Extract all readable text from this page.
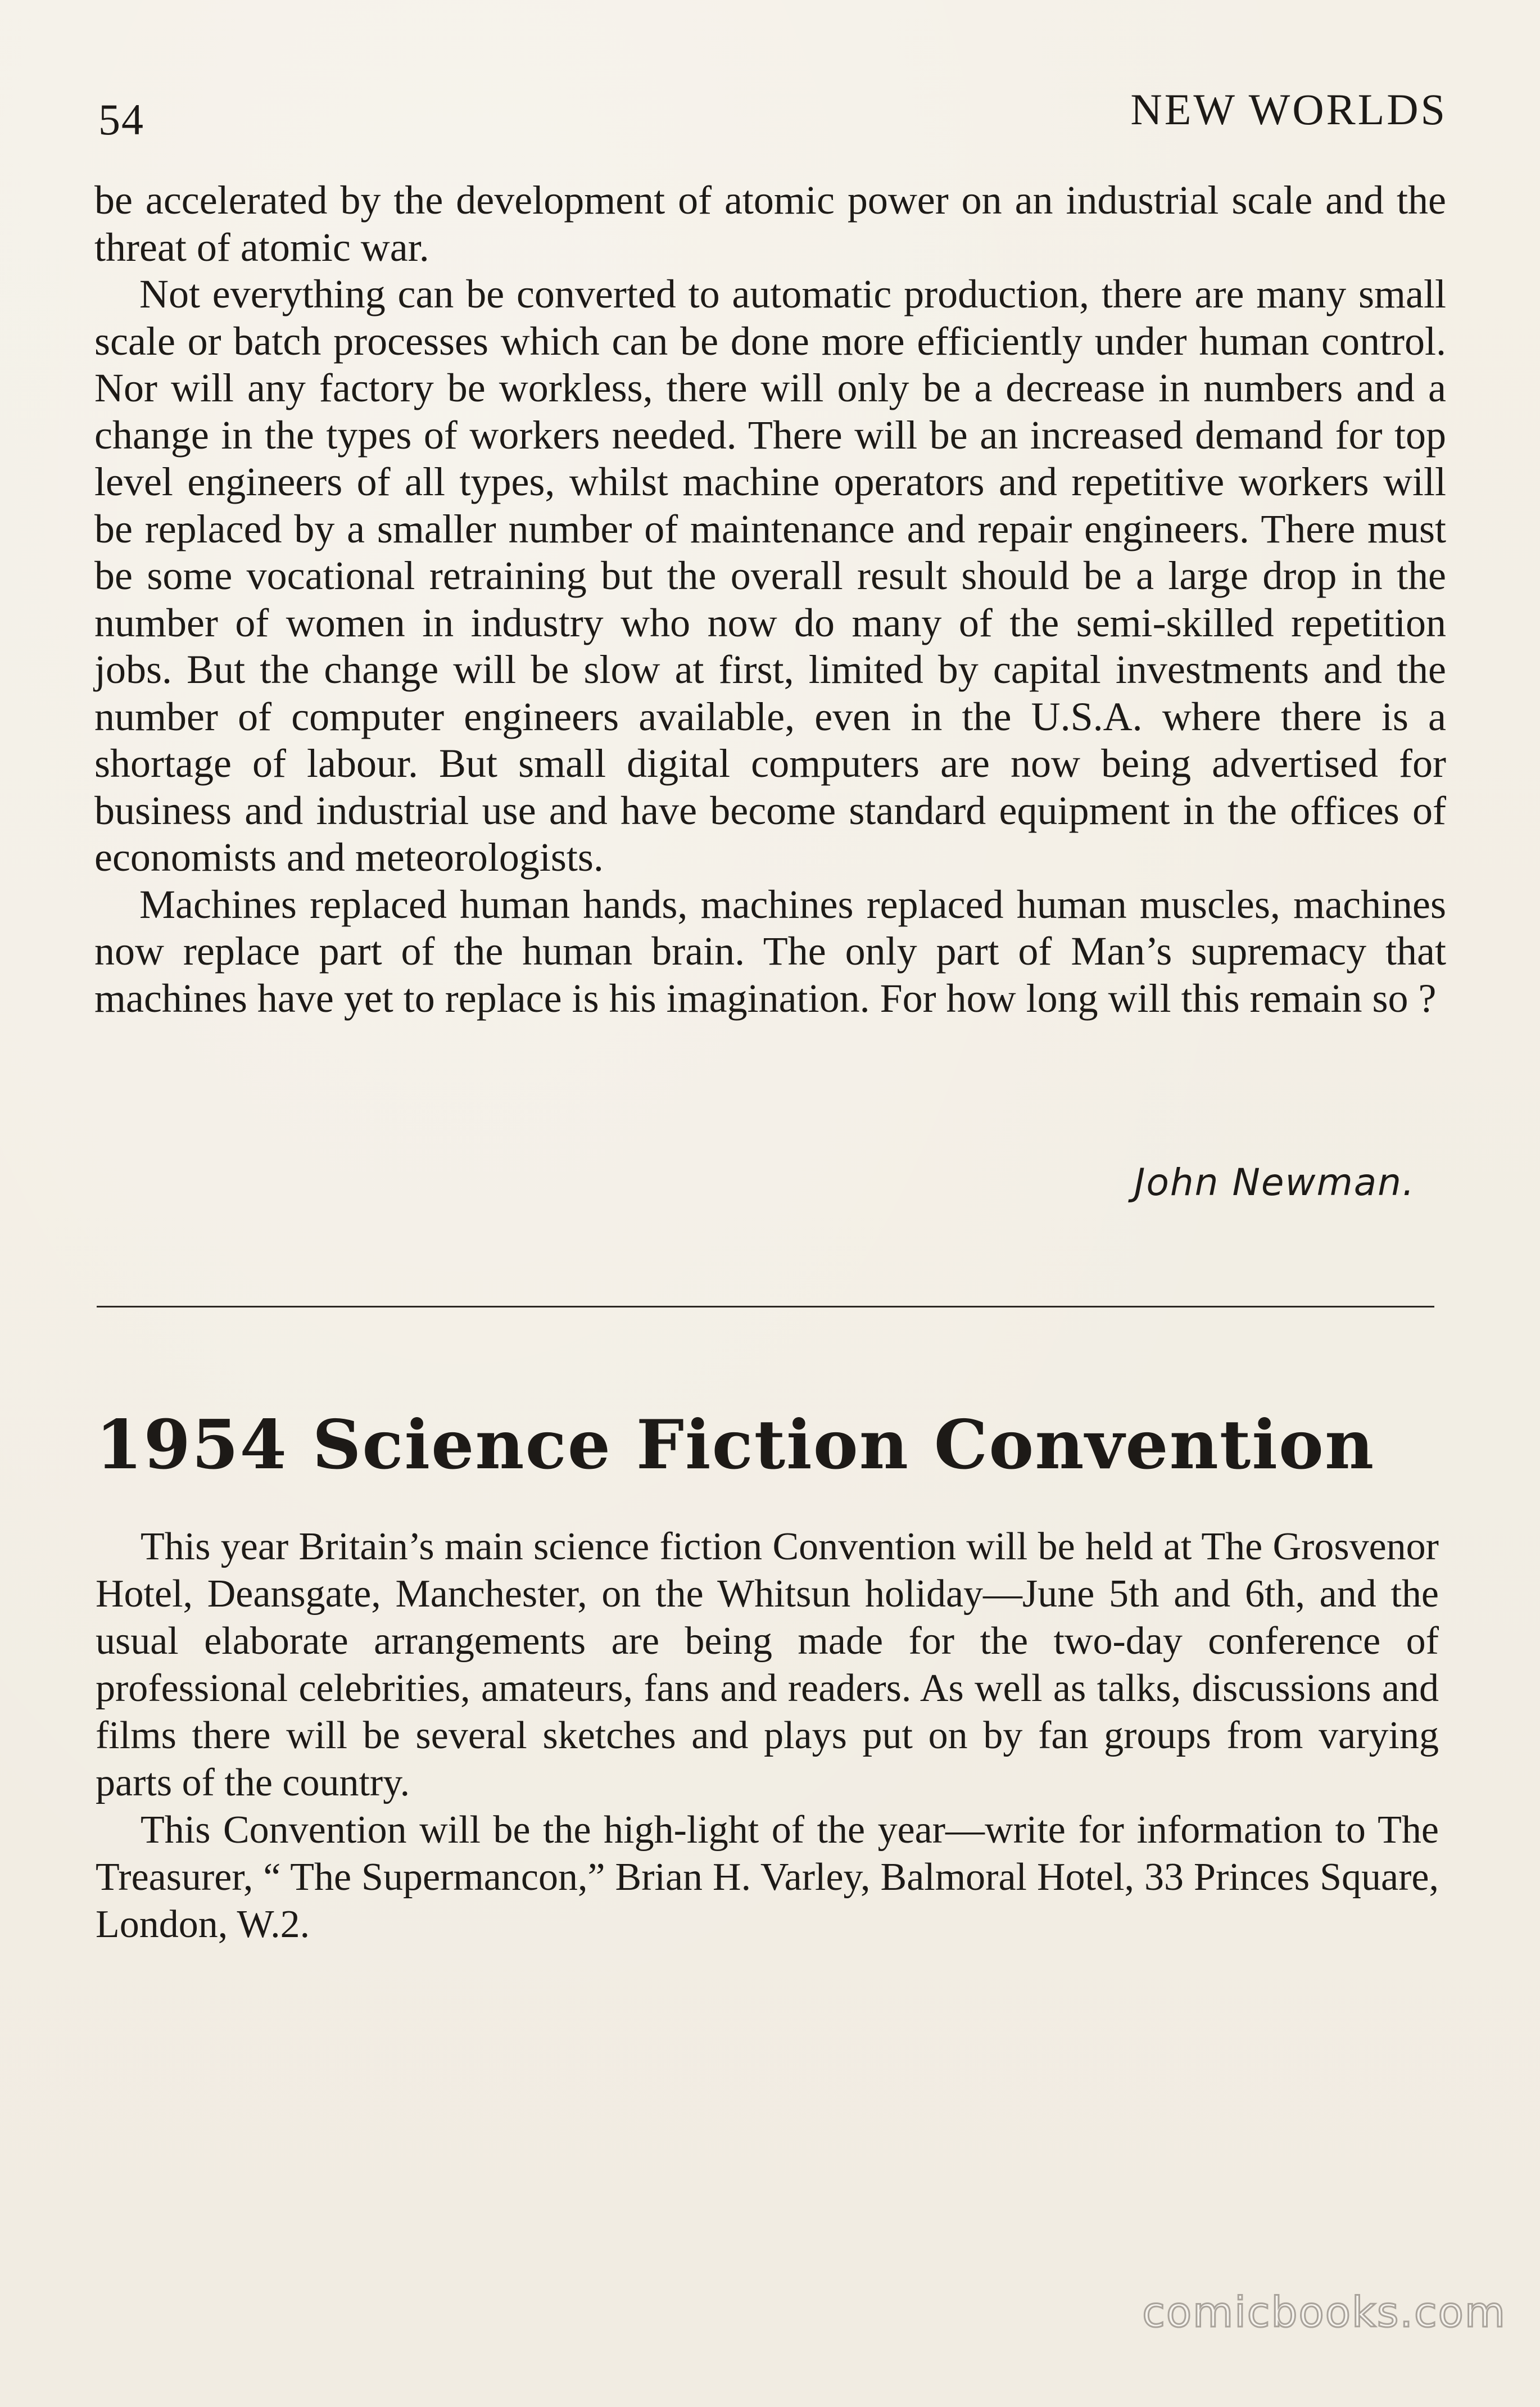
54	NEW WORLDS

be accelerated by the development of atomic power on an industrial scale and the threat of atomic war.

Not everything can be converted to automatic production, there are many small scale or batch processes which can be done more efficiently under human control. Nor will any factory be workless, there will only be a decrease in numbers and a change in the types of workers needed. There will be an increased demand for top level engineers of all types, whilst machine operators and repetitive workers will be replaced by a smaller number of maintenance and repair engineers. There must be some vocational retraining but the overall result should be a large drop in the number of women in industry who now do many of the semi-skilled repetition jobs. But the change will be slow at first, limited by capital investments and the number of computer engineers available, even in the U.S.A. where there is a shortage of labour. But small digital computers are now being advertised for business and industrial use and have become standard equipment in the offices of economists and meteorologists.

Machines replaced human hands, machines replaced human muscles, machines now replace part of the human brain. The only part of Man’s supremacy that machines have yet to replace is his imagination. For how long will this remain so ?

John Newman.
1954 Science Fiction Convention

This year Britain’s main science fiction Convention will be held at The Grosvenor Hotel, Deansgate, Manchester, on the Whitsun holiday—June 5th and 6th, and the usual elaborate arrangements are being made for the two-day conference of professional celebrities, amateurs, fans and readers. As well as talks, discussions and films there will be several sketches and plays put on by fan groups from varying parts of the country.

This Convention will be the high-light of the year—write for information to The Treasurer, “ The Supermancon,” Brian H. Varley, Balmoral Hotel, 33 Princes Square, London, W.2.

comicbooks.com
